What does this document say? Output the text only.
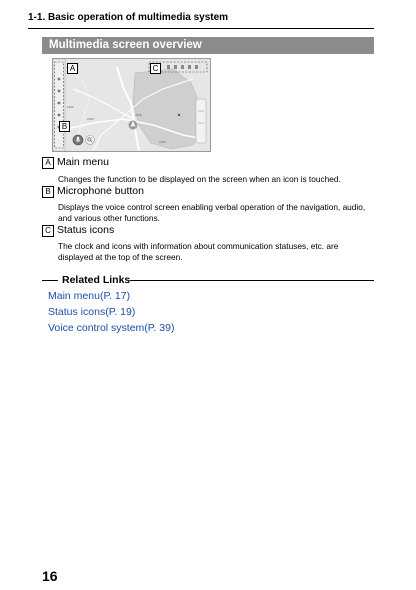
1-1. Basic operation of multimedia system
Multimedia screen overview
2106
2106
2106
2106
A
B
C
A Main menu
Changes the function to be displayed on the screen when an icon is touched.
B Microphone button
Displays the voice control screen enabling verbal operation of the navigation, audio, and various other functions.
C Status icons
The clock and icons with information about communication statuses, etc. are displayed at the top of the screen.
Related Links
Main menu(P. 17)
Status icons(P. 19)
Voice control system(P. 39)
16
